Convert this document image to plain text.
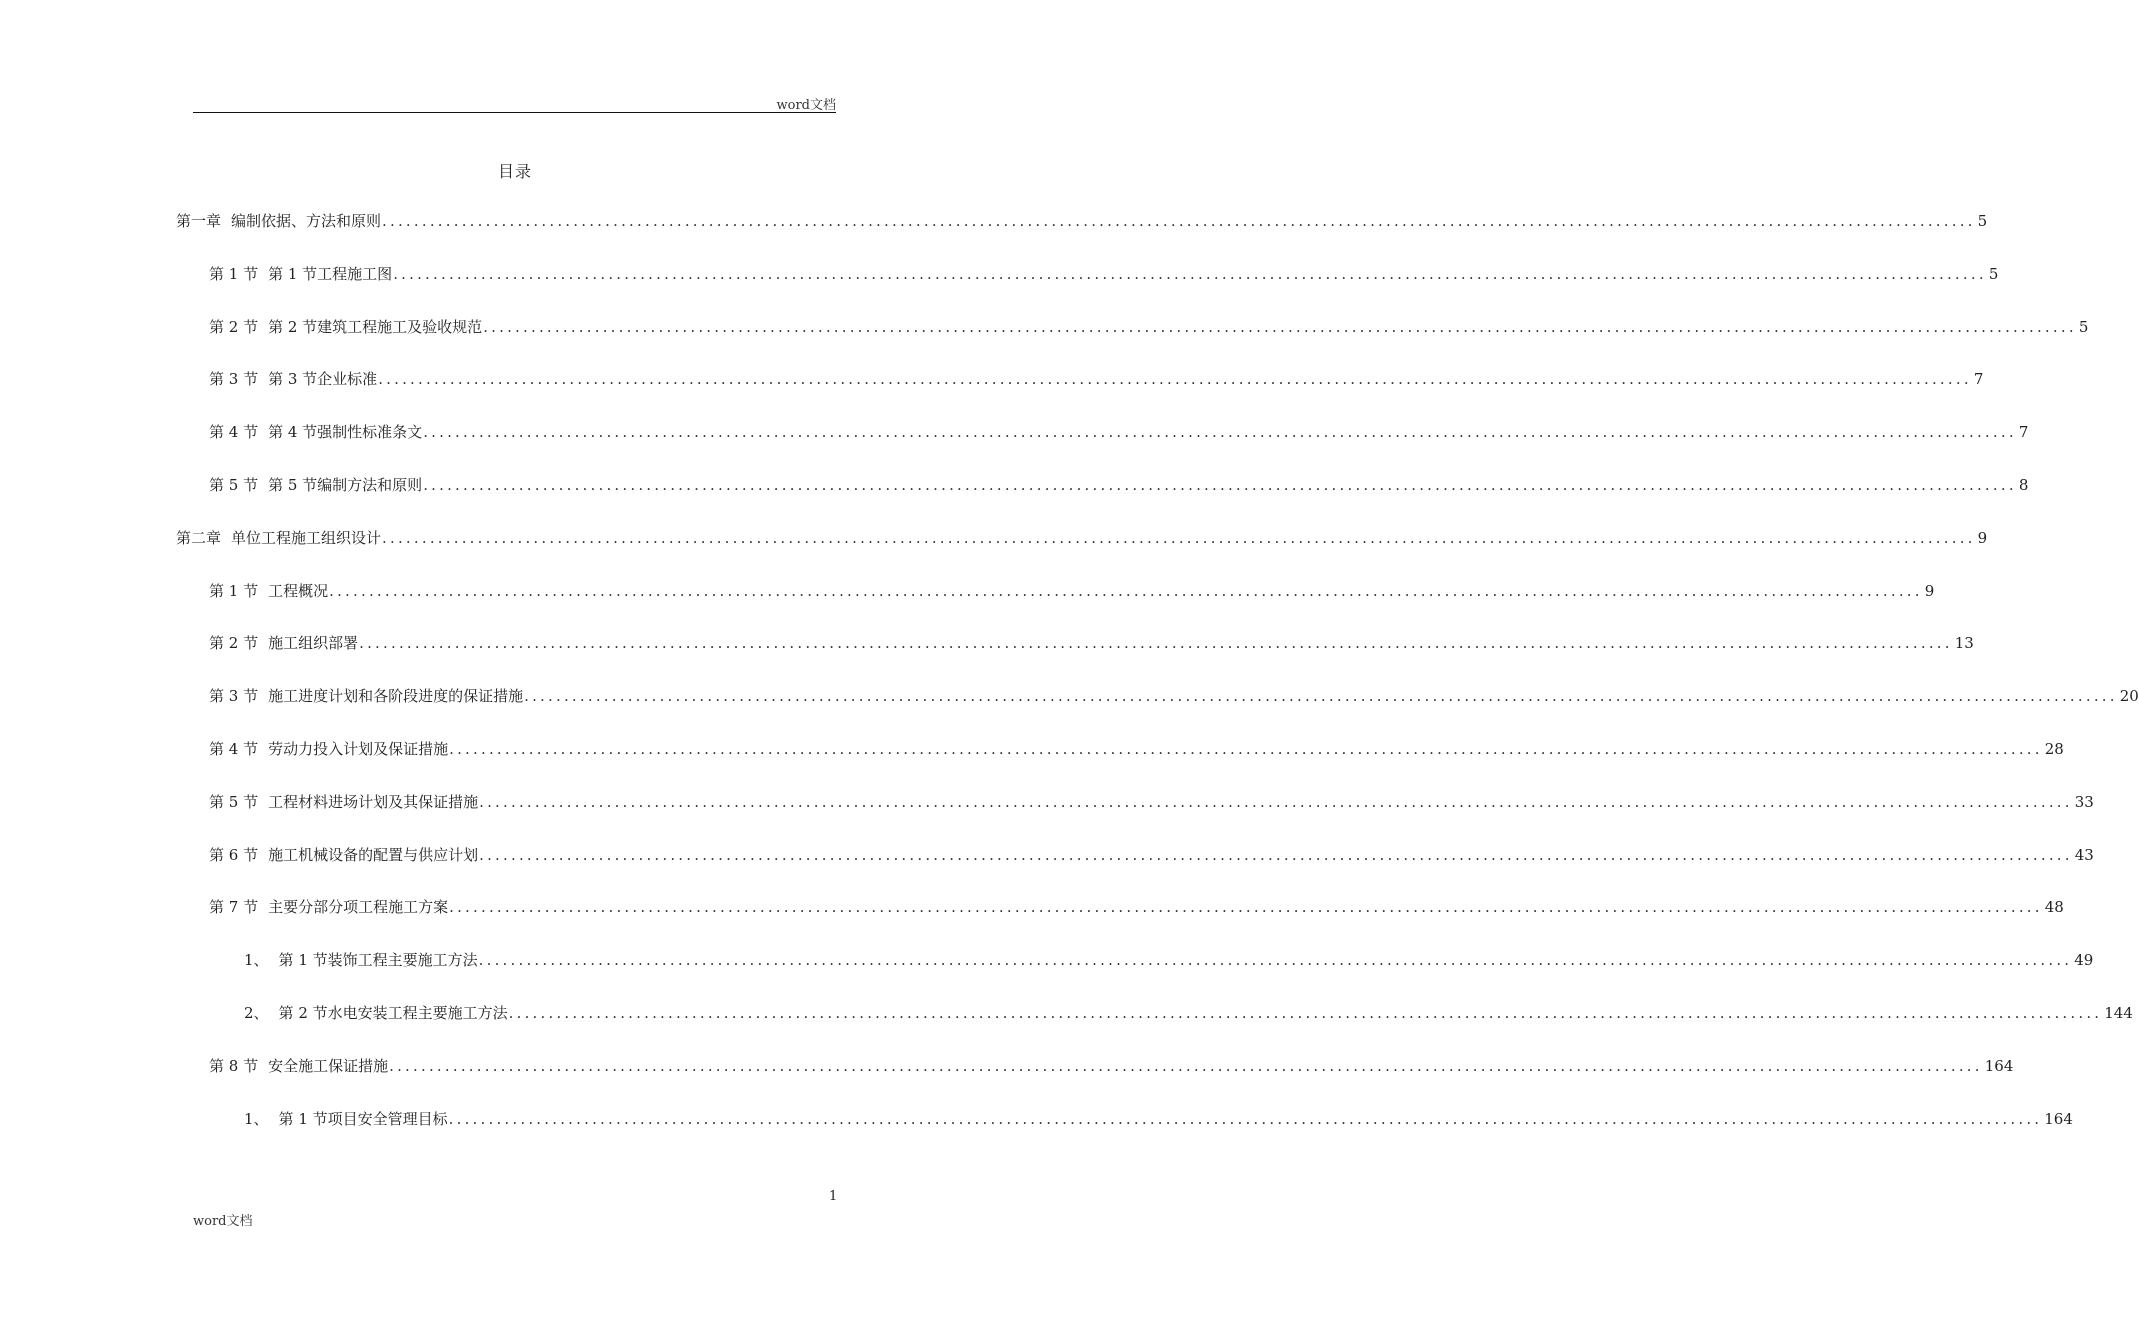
word文档
目录
第一章 编制依据、方法和原则 ........................................................................................................................................................................................................ 5
第 1 节 第 1 节工程施工图 ........................................................................................................................................................................................................ 5
第 2 节 第 2 节建筑工程施工及验收规范 ........................................................................................................................................................................................................ 5
第 3 节 第 3 节企业标准 ........................................................................................................................................................................................................ 7
第 4 节 第 4 节强制性标准条文 ........................................................................................................................................................................................................ 7
第 5 节 第 5 节编制方法和原则 ........................................................................................................................................................................................................ 8
第二章 单位工程施工组织设计 ........................................................................................................................................................................................................ 9
第 1 节 工程概况 ........................................................................................................................................................................................................ 9
第 2 节 施工组织部署 ........................................................................................................................................................................................................ 13
第 3 节 施工进度计划和各阶段进度的保证措施 ........................................................................................................................................................................................................ 20
第 4 节 劳动力投入计划及保证措施 ........................................................................................................................................................................................................ 28
第 5 节 工程材料进场计划及其保证措施 ........................................................................................................................................................................................................ 33
第 6 节 施工机械设备的配置与供应计划 ........................................................................................................................................................................................................ 43
第 7 节 主要分部分项工程施工方案 ........................................................................................................................................................................................................ 48
1、 第 1 节装饰工程主要施工方法 ........................................................................................................................................................................................................ 49
2、 第 2 节水电安装工程主要施工方法 ........................................................................................................................................................................................................ 144
第 8 节 安全施工保证措施 ........................................................................................................................................................................................................ 164
1、 第 1 节项目安全管理目标 ........................................................................................................................................................................................................ 164
1
word文档
